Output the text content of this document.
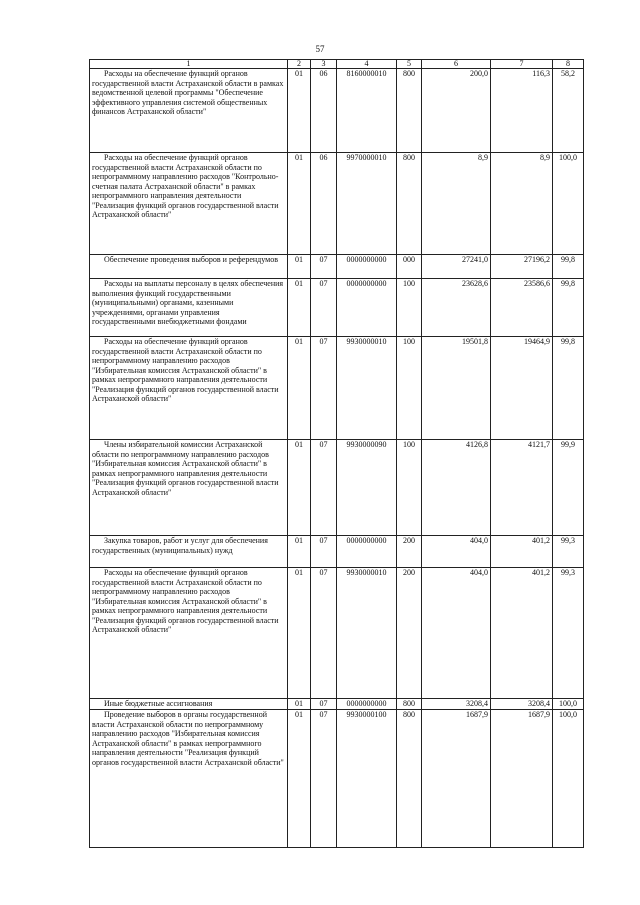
57
1	2	3	4	5	6	7	8
Расходы на обеспечение функций органов государственной власти Астраханской области в рамках ведомственной целевой программы "Обеспечение эффективного управления системой общественных финансов Астраханской области"	01	06	8160000010	800	200,0	116,3	58,2
Расходы на обеспечение функций органов государственной власти Астраханской области по непрограммному направлению расходов "Контрольно-счетная палата Астраханской области" в рамках непрограммного направления деятельности "Реализация функций органов государственной власти Астраханской области"	01	06	9970000010	800	8,9	8,9	100,0
Обеспечение проведения выборов и референдумов	01	07	0000000000	000	27241,0	27196,2	99,8
Расходы на выплаты персоналу в целях обеспечения выполнения функций государственными (муниципальными) органами, казенными учреждениями, органами управления государственными внебюджетными фондами	01	07	0000000000	100	23628,6	23586,6	99,8
Расходы на обеспечение функций органов государственной власти Астраханской области по непрограммному направлению расходов "Избирательная комиссия Астраханской области" в рамках непрограммного направления деятельности "Реализация функций органов государственной власти Астраханской области"	01	07	9930000010	100	19501,8	19464,9	99,8
Члены избирательной комиссии Астраханской области по непрограммному направлению расходов "Избирательная комиссия Астраханской области" в рамках непрограммного направления деятельности "Реализация функций органов государственной власти Астраханской области"	01	07	9930000090	100	4126,8	4121,7	99,9
Закупка товаров, работ и услуг для обеспечения государственных (муниципальных) нужд	01	07	0000000000	200	404,0	401,2	99,3
Расходы на обеспечение функций органов государственной власти Астраханской области по непрограммному направлению расходов "Избирательная комиссия Астраханской области" в рамках непрограммного направления деятельности "Реализация функций органов государственной власти Астраханской области"	01	07	9930000010	200	404,0	401,2	99,3
Иные бюджетные ассигнования	01	07	0000000000	800	3208,4	3208,4	100,0
Проведение выборов в органы государственной власти Астраханской области по непрограммному направлению расходов "Избирательная комиссия Астраханской области" в рамках непрограммного направления деятельности "Реализация функций органов государственной власти Астраханской области"	01	07	9930000100	800	1687,9	1687,9	100,0
